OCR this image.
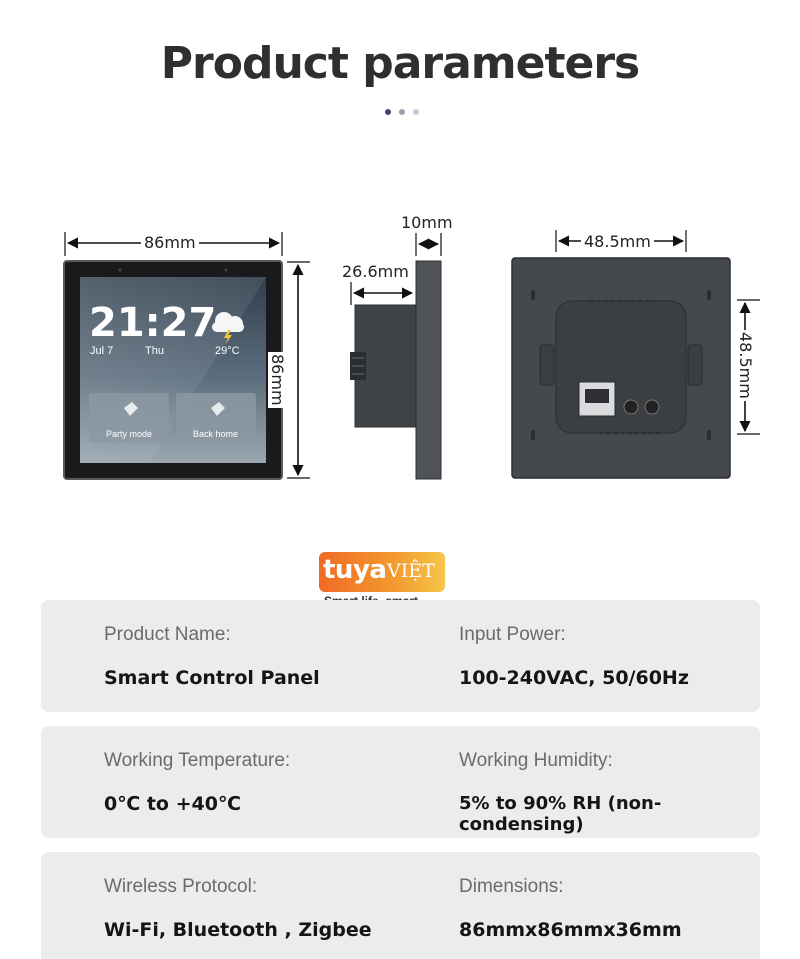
Product parameters
21:27
Jul 7	Thu	29°C
Party mode	Back home
86mm
86mm
10mm
26.6mm
48.5mm
48.5mm
tuya VIỆT
Product Name:
Smart Control Panel
Input Power:
100-240VAC, 50/60Hz
Working Temperature:
0℃ to +40℃
Working Humidity:
5% to 90% RH (non-condensing)
Wireless Protocol:
Wi-Fi, Bluetooth , Zigbee
Dimensions:
86mmx86mmx36mm
